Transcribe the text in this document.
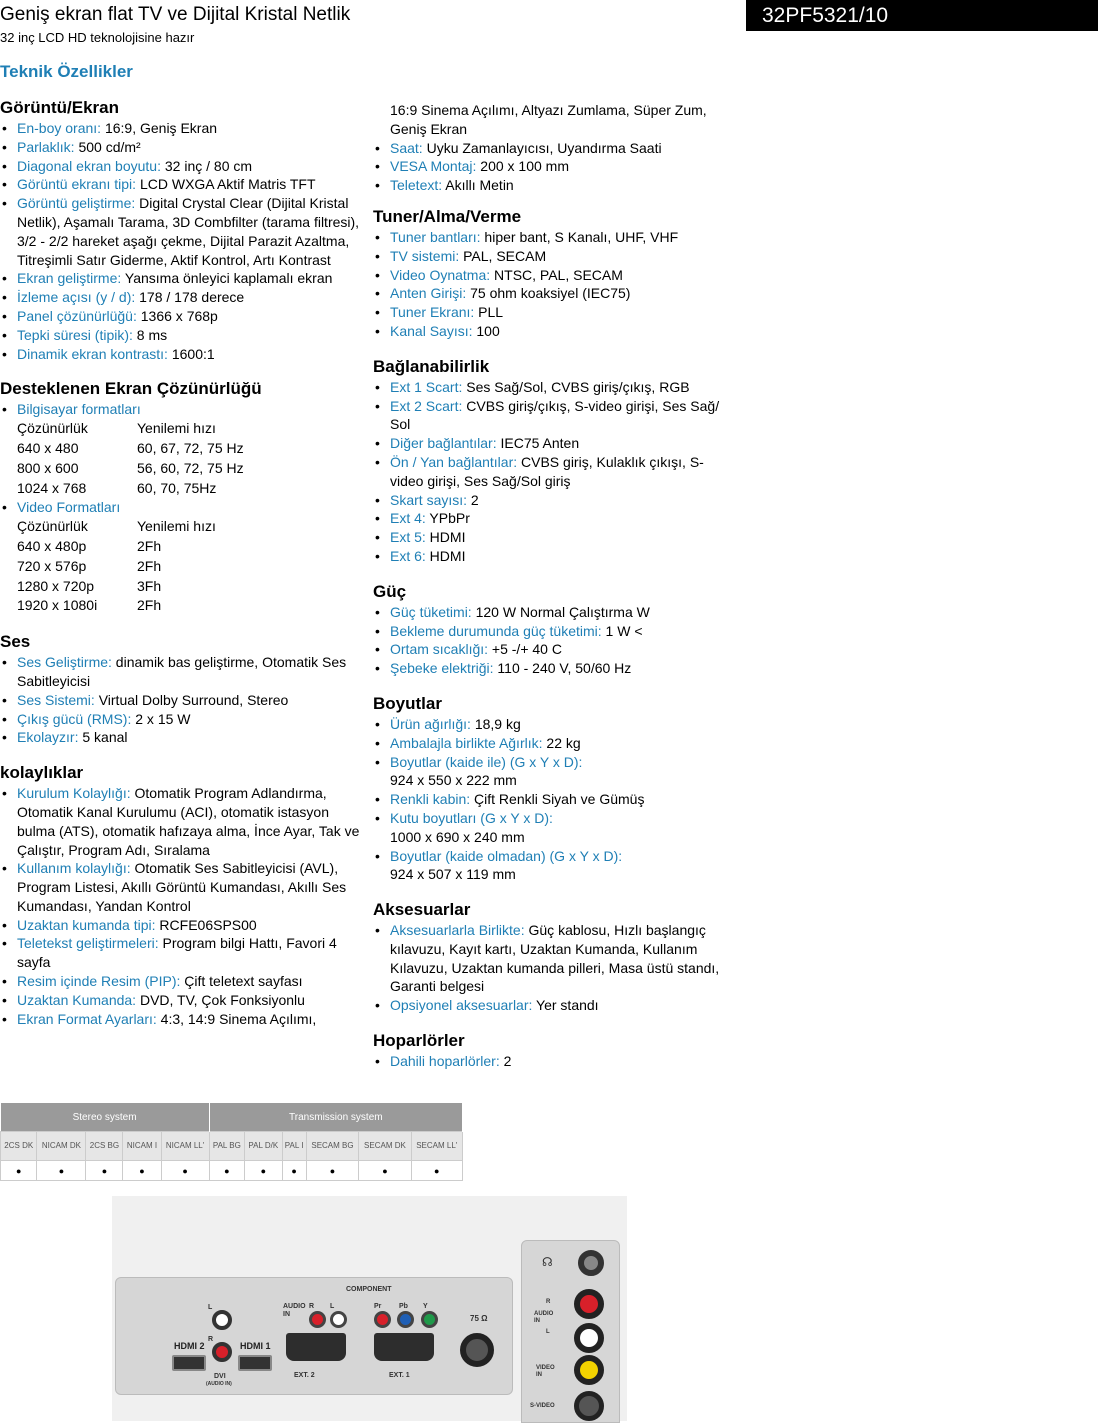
Geniş ekran flat TV ve Dijital Kristal Netlik
32 inç LCD HD teknolojisine hazır
32PF5321/10
Teknik Özellikler
Görüntü/Ekran
• En-boy oranı: 16:9, Geniş Ekran
• Parlaklık: 500 cd/m²
• Diagonal ekran boyutu: 32 inç / 80 cm
• Görüntü ekranı tipi: LCD WXGA Aktif Matris TFT
• Görüntü geliştirme: Digital Crystal Clear (Dijital Kristal Netlik), Aşamalı Tarama, 3D Combfilter (tarama filtresi), 3/2 - 2/2 hareket aşağı çekme, Dijital Parazit Azaltma, Titreşimli Satır Giderme, Aktif Kontrol, Artı Kontrast
• Ekran geliştirme: Yansıma önleyici kaplamalı ekran
• İzleme açısı (y / d): 178 / 178 derece
• Panel çözünürlüğü: 1366 x 768p
• Tepki süresi (tipik): 8 ms
• Dinamik ekran kontrastı: 1600:1
Desteklenen Ekran Çözünürlüğü
• Bilgisayar formatları
Çözünürlük	Yenilemi hızı
640 x 480	60, 67, 72, 75 Hz
800 x 600	56, 60, 72, 75 Hz
1024 x 768	60, 70, 75Hz
• Video Formatları
Çözünürlük	Yenilemi hızı
640 x 480p	2Fh
720 x 576p	2Fh
1280 x 720p	3Fh
1920 x 1080i	2Fh
Ses
• Ses Geliştirme: dinamik bas geliştirme, Otomatik Ses Sabitleyicisi
• Ses Sistemi: Virtual Dolby Surround, Stereo
• Çıkış gücü (RMS): 2 x 15 W
• Ekolayzır: 5 kanal
kolaylıklar
• Kurulum Kolaylığı: Otomatik Program Adlandırma, Otomatik Kanal Kurulumu (ACI), otomatik istasyon bulma (ATS), otomatik hafızaya alma, İnce Ayar, Tak ve Çalıştır, Program Adı, Sıralama
• Kullanım kolaylığı: Otomatik Ses Sabitleyicisi (AVL), Program Listesi, Akıllı Görüntü Kumandası, Akıllı Ses Kumandası, Yandan Kontrol
• Uzaktan kumanda tipi: RCFE06SPS00
• Teletekst geliştirmeleri: Program bilgi Hattı, Favori 4 sayfa
• Resim içinde Resim (PIP): Çift teletext sayfası
• Uzaktan Kumanda: DVD, TV, Çok Fonksiyonlu
• Ekran Format Ayarları: 4:3, 14:9 Sinema Açılımı,
16:9 Sinema Açılımı, Altyazı Zumlama, Süper Zum, Geniş Ekran
• Saat: Uyku Zamanlayıcısı, Uyandırma Saati
• VESA Montaj: 200 x 100 mm
• Teletext: Akıllı Metin
Tuner/Alma/Verme
• Tuner bantları: hiper bant, S Kanalı, UHF, VHF
• TV sistemi: PAL, SECAM
• Video Oynatma: NTSC, PAL, SECAM
• Anten Girişi: 75 ohm koaksiyel (IEC75)
• Tuner Ekranı: PLL
• Kanal Sayısı: 100
Bağlanabilirlik
• Ext 1 Scart: Ses Sağ/Sol, CVBS giriş/çıkış, RGB
• Ext 2 Scart: CVBS giriş/çıkış, S-video girişi, Ses Sağ/ Sol
• Diğer bağlantılar: IEC75 Anten
• Ön / Yan bağlantılar: CVBS giriş, Kulaklık çıkışı, S-video girişi, Ses Sağ/Sol giriş
• Skart sayısı: 2
• Ext 4: YPbPr
• Ext 5: HDMI
• Ext 6: HDMI
Güç
• Güç tüketimi: 120 W Normal Çalıştırma W
• Bekleme durumunda güç tüketimi: 1 W <
• Ortam sıcaklığı: +5 -/+ 40 C
• Şebeke elektriği: 110 - 240 V, 50/60 Hz
Boyutlar
• Ürün ağırlığı: 18,9 kg
• Ambalajla birlikte Ağırlık: 22 kg
• Boyutlar (kaide ile) (G x Y x D):
924 x 550 x 222 mm
• Renkli kabin: Çift Renkli Siyah ve Gümüş
• Kutu boyutları (G x Y x D):
1000 x 690 x 240 mm
• Boyutlar (kaide olmadan) (G x Y x D):
924 x 507 x 119 mm
Aksesuarlar
• Aksesuarlarla Birlikte: Güç kablosu, Hızlı başlangıç kılavuzu, Kayıt kartı, Uzaktan Kumanda, Kullanım Kılavuzu, Uzaktan kumanda pilleri, Masa üstü standı, Garanti belgesi
• Opsiyonel aksesuarlar: Yer standı
Hoparlörler
• Dahili hoparlörler: 2
Stereo system					Transmission system					
2CS DK	NICAM DK	2CS BG	NICAM I	NICAM LL'	PAL BG	PAL D/K	PAL I	SECAM BG	SECAM DK	SECAM LL'
●	●	●	●	●	●	●	●	●	●	●
COMPONENT
AUDIO IN
R L	Pr	Pb Y
75 Ω
L
R
HDMI 2	HDMI 1
DVI
(AUDIO IN)
EXT. 2	EXT. 1
☊
AUDIO IN
R
L
VIDEO IN
S-VIDEO
